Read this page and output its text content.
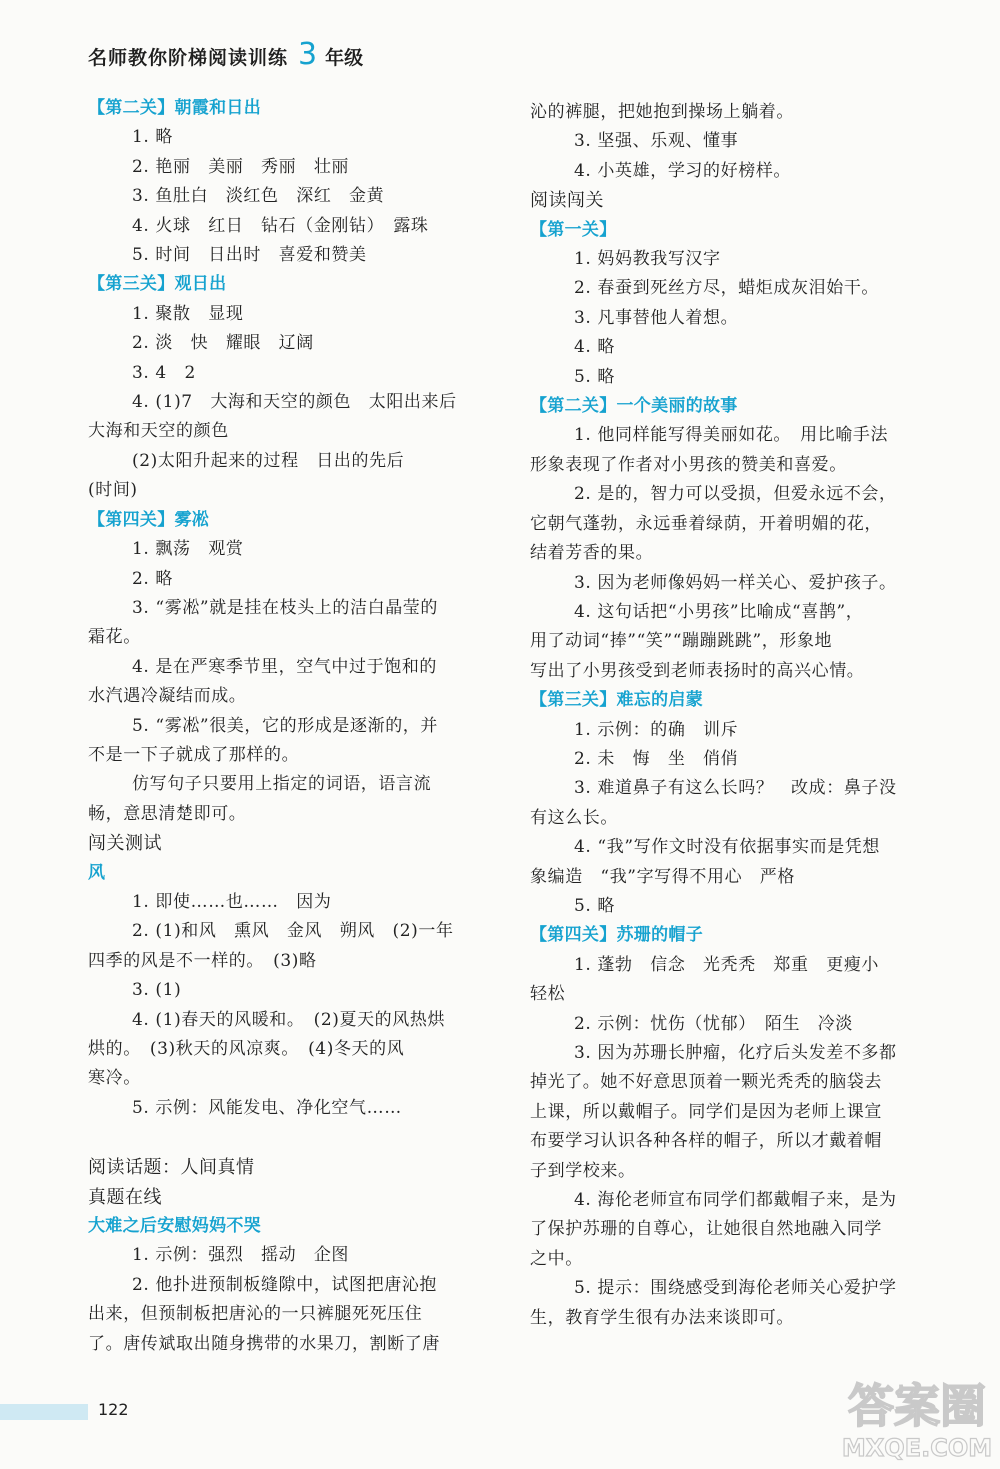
名师教你阶梯阅读训练 3 年级
【第二关】朝霞和日出
1. 略
2. 艳丽　美丽　秀丽　壮丽
3. 鱼肚白　淡红色　深红　金黄
4. 火球　红日　钻石（金刚钻）　露珠
5. 时间　日出时　喜爱和赞美
【第三关】观日出
1. 聚散　显现
2. 淡　快　耀眼　辽阔
3. 4　2
4. (1)7　大海和天空的颜色　太阳出来后
大海和天空的颜色
(2)太阳升起来的过程　日出的先后
(时间)
【第四关】雾凇
1. 飘荡　观赏
2. 略
3. “雾凇”就是挂在枝头上的洁白晶莹的
霜花。
4. 是在严寒季节里，空气中过于饱和的
水汽遇冷凝结而成。
5. “雾凇”很美，它的形成是逐渐的，并
不是一下子就成了那样的。
仿写句子只要用上指定的词语，语言流
畅，意思清楚即可。
闯关测试
风
1. 即使……也……　因为
2. (1)和风　熏风　金风　朔风　(2)一年
四季的风是不一样的。　(3)略
3. (1)
4. (1)春天的风暖和。　(2)夏天的风热烘
烘的。　(3)秋天的风凉爽。　(4)冬天的风
寒冷。
5. 示例：风能发电、净化空气……
阅读话题：人间真情
真题在线
大难之后安慰妈妈不哭
1. 示例：强烈　摇动　企图
2. 他扑进预制板缝隙中，试图把唐沁抱
出来，但预制板把唐沁的一只裤腿死死压住
了。唐传斌取出随身携带的水果刀，割断了唐
沁的裤腿，把她抱到操场上躺着。
3. 坚强、乐观、懂事
4. 小英雄，学习的好榜样。
阅读闯关
【第一关】
1. 妈妈教我写汉字
2. 春蚕到死丝方尽，蜡炬成灰泪始干。
3. 凡事替他人着想。
4. 略
5. 略
【第二关】一个美丽的故事
1. 他同样能写得美丽如花。　用比喻手法
形象表现了作者对小男孩的赞美和喜爱。
2. 是的，智力可以受损，但爱永远不会，
它朝气蓬勃，永远垂着绿荫，开着明媚的花，
结着芳香的果。
3. 因为老师像妈妈一样关心、爱护孩子。
4. 这句话把“小男孩”比喻成“喜鹊”，
用了动词“捧”“笑”“蹦蹦跳跳”，形象地
写出了小男孩受到老师表扬时的高兴心情。
【第三关】难忘的启蒙
1. 示例：的确　训斥
2. 未　悔　坐　俏俏
3. 难道鼻子有这么长吗？　改成：鼻子没
有这么长。
4. “我”写作文时没有依据事实而是凭想
象编造　“我”字写得不用心　严格
5. 略
【第四关】苏珊的帽子
1. 蓬勃　信念　光秃秃　郑重　更瘦小
轻松
2. 示例：忧伤（忧郁）　陌生　冷淡
3. 因为苏珊长肿瘤，化疗后头发差不多都
掉光了。她不好意思顶着一颗光秃秃的脑袋去
上课，所以戴帽子。同学们是因为老师上课宣
布要学习认识各种各样的帽子，所以才戴着帽
子到学校来。
4. 海伦老师宣布同学们都戴帽子来，是为
了保护苏珊的自尊心，让她很自然地融入同学
之中。
5. 提示：围绕感受到海伦老师关心爱护学
生，教育学生很有办法来谈即可。
122	答案圈
MXQE.COM
